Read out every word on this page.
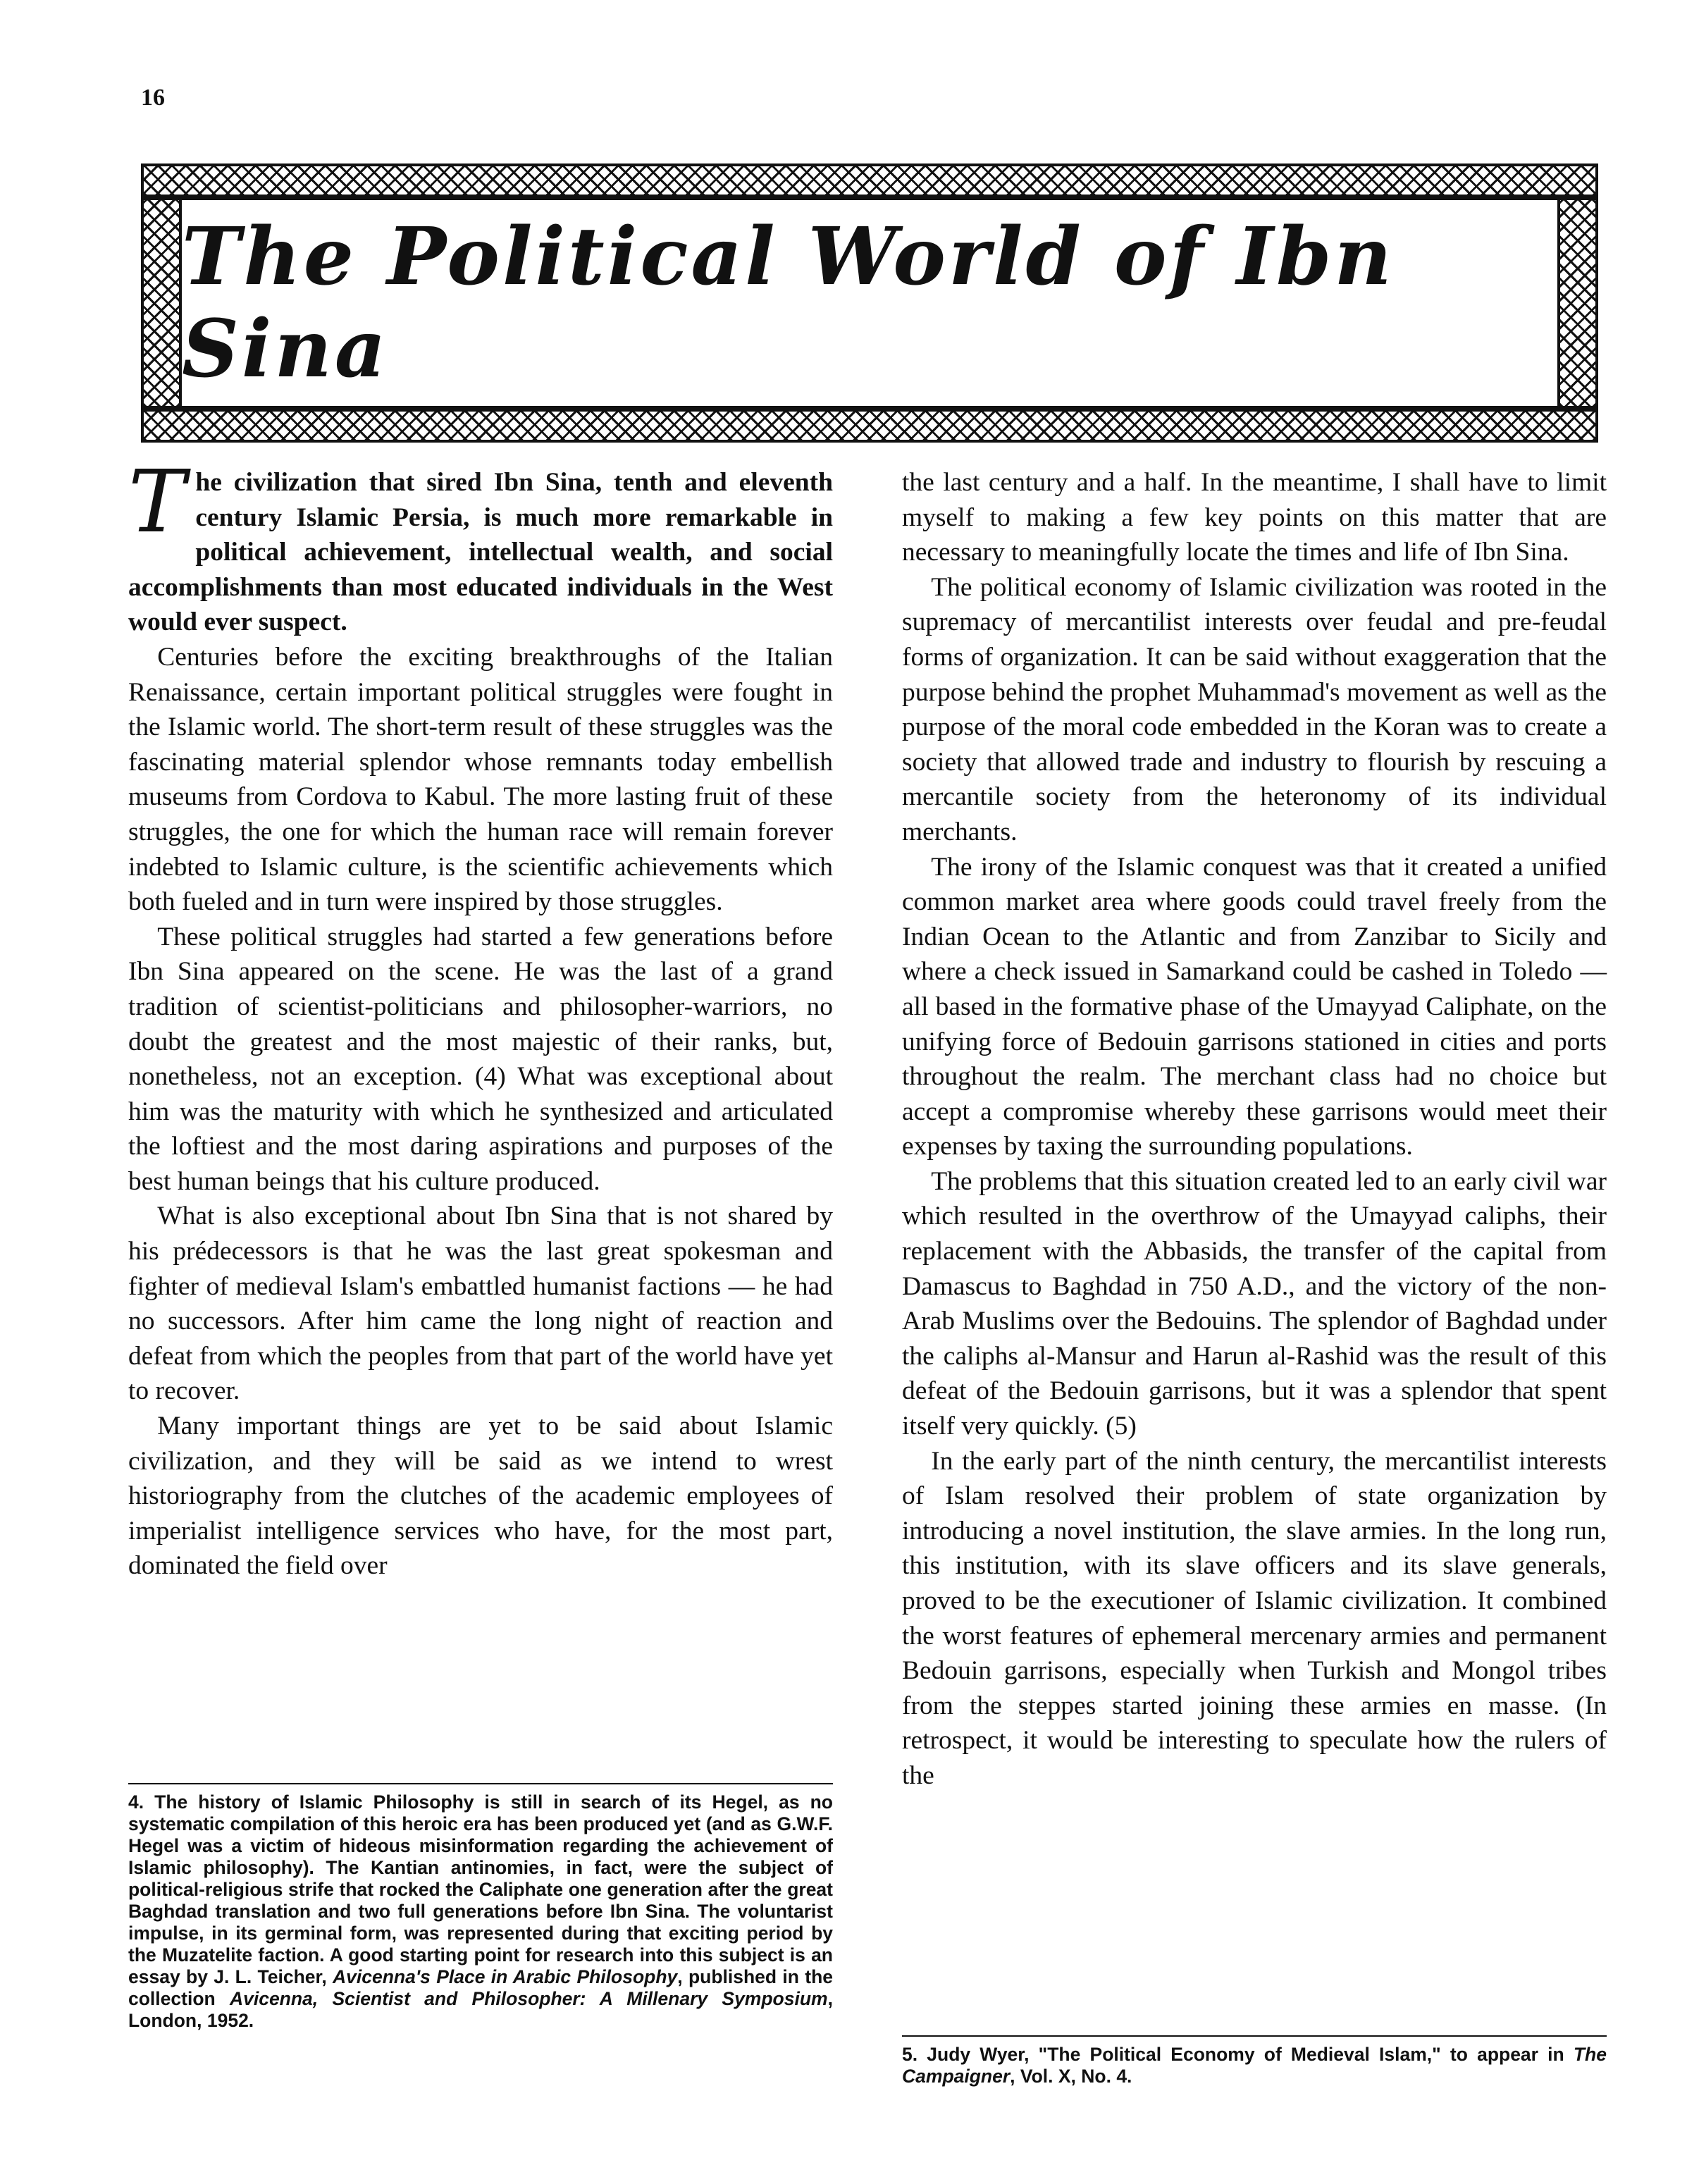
16
The Political World of Ibn Sina

The civilization that sired Ibn Sina, tenth and eleventh century Islamic Persia, is much more remarkable in political achievement, intellectual wealth, and social accomplishments than most educated individuals in the West would ever suspect.

Centuries before the exciting breakthroughs of the Italian Renaissance, certain important political struggles were fought in the Islamic world. The short-term result of these struggles was the fascinating material splendor whose remnants today embellish museums from Cordova to Kabul. The more lasting fruit of these struggles, the one for which the human race will remain forever indebted to Islamic culture, is the scientific achievements which both fueled and in turn were inspired by those struggles.

These political struggles had started a few generations before Ibn Sina appeared on the scene. He was the last of a grand tradition of scientist-politicians and philosopher-warriors, no doubt the greatest and the most majestic of their ranks, but, nonetheless, not an exception. (4) What was exceptional about him was the maturity with which he synthesized and articulated the loftiest and the most daring aspirations and purposes of the best human beings that his culture produced.

What is also exceptional about Ibn Sina that is not shared by his prédecessors is that he was the last great spokesman and fighter of medieval Islam's embattled humanist factions — he had no successors. After him came the long night of reaction and defeat from which the peoples from that part of the world have yet to recover.

Many important things are yet to be said about Islamic civilization, and they will be said as we intend to wrest historiography from the clutches of the academic employees of imperialist intelligence services who have, for the most part, dominated the field over

4. The history of Islamic Philosophy is still in search of its Hegel, as no systematic compilation of this heroic era has been produced yet (and as G.W.F. Hegel was a victim of hideous misinformation regarding the achievement of Islamic philosophy). The Kantian antinomies, in fact, were the subject of political-religious strife that rocked the Caliphate one generation after the great Baghdad translation and two full generations before Ibn Sina. The voluntarist impulse, in its germinal form, was represented during that exciting period by the Muzatelite faction. A good starting point for research into this subject is an essay by J. L. Teicher, Avicenna's Place in Arabic Philosophy, published in the collection Avicenna, Scientist and Philosopher: A Millenary Symposium, London, 1952.

the last century and a half. In the meantime, I shall have to limit myself to making a few key points on this matter that are necessary to meaningfully locate the times and life of Ibn Sina.

The political economy of Islamic civilization was rooted in the supremacy of mercantilist interests over feudal and pre-feudal forms of organization. It can be said without exaggeration that the purpose behind the prophet Muhammad's movement as well as the purpose of the moral code embedded in the Koran was to create a society that allowed trade and industry to flourish by rescuing a mercantile society from the heteronomy of its individual merchants.

The irony of the Islamic conquest was that it created a unified common market area where goods could travel freely from the Indian Ocean to the Atlantic and from Zanzibar to Sicily and where a check issued in Samarkand could be cashed in Toledo — all based in the formative phase of the Umayyad Caliphate, on the unifying force of Bedouin garrisons stationed in cities and ports throughout the realm. The merchant class had no choice but accept a compromise whereby these garrisons would meet their expenses by taxing the surrounding populations.

The problems that this situation created led to an early civil war which resulted in the overthrow of the Umayyad caliphs, their replacement with the Abbasids, the transfer of the capital from Damascus to Baghdad in 750 A.D., and the victory of the non-Arab Muslims over the Bedouins. The splendor of Baghdad under the caliphs al-Mansur and Harun al-Rashid was the result of this defeat of the Bedouin garrisons, but it was a splendor that spent itself very quickly. (5)

In the early part of the ninth century, the mercantilist interests of Islam resolved their problem of state organization by introducing a novel institution, the slave armies. In the long run, this institution, with its slave officers and its slave generals, proved to be the executioner of Islamic civilization. It combined the worst features of ephemeral mercenary armies and permanent Bedouin garrisons, especially when Turkish and Mongol tribes from the steppes started joining these armies en masse. (In retrospect, it would be interesting to speculate how the rulers of the

5. Judy Wyer, "The Political Economy of Medieval Islam," to appear in The Campaigner, Vol. X, No. 4.
